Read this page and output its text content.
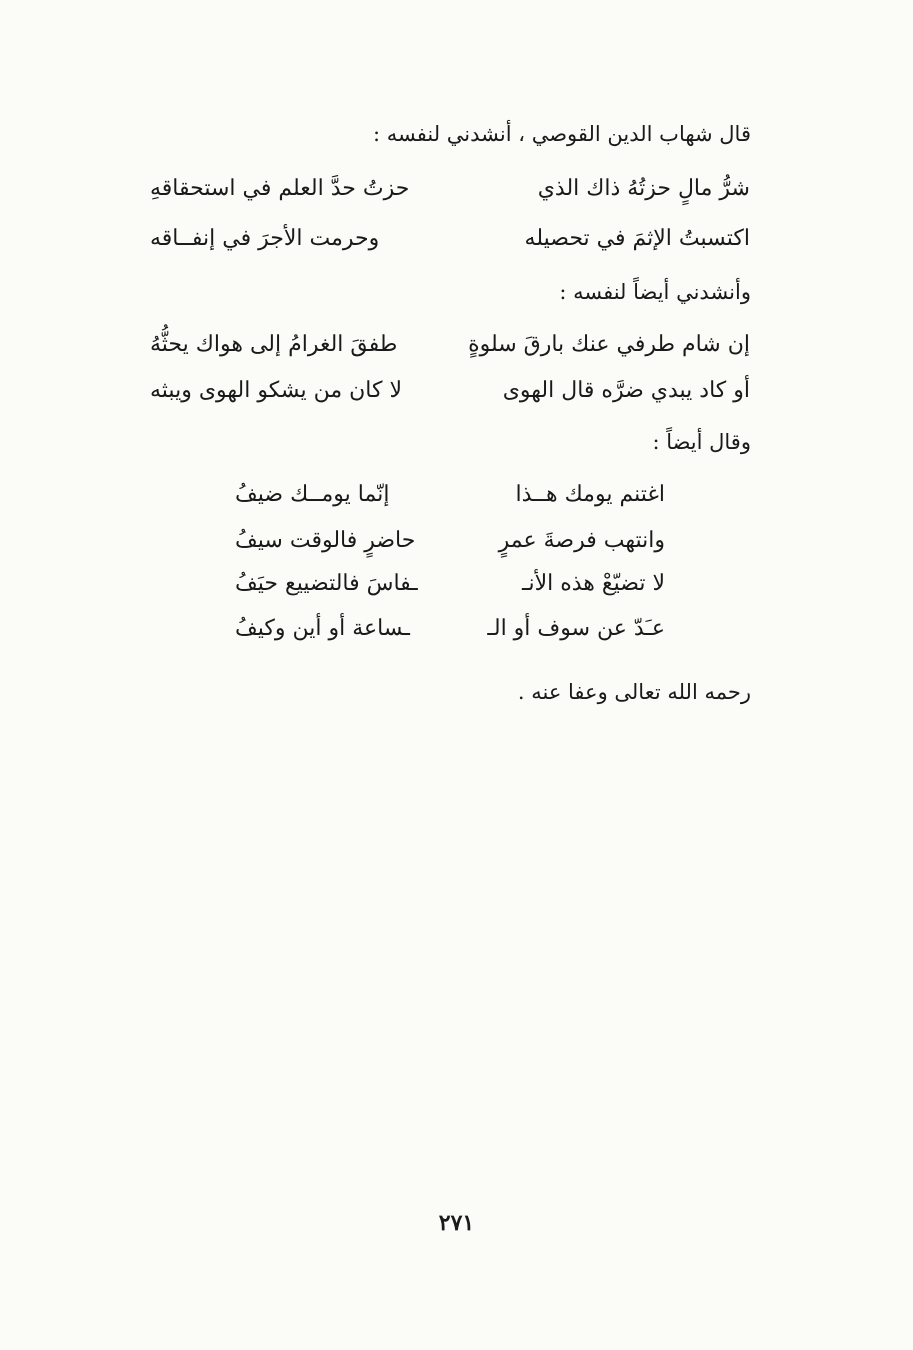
قال شهاب الدين القوصي ، أنشدني لنفسه :
شرُّ مالٍ حزتُهُ ذاك الذي
حزتُ حدَّ العلم في استحقاقهِ
اكتسبتُ الإثمَ في تحصيله
وحرمت الأجرَ في إنفــاقه
وأنشدني أيضاً لنفسه :
إن شام طرفي عنك بارقَ سلوةٍ
طفقَ الغرامُ إلى هواك يحثُّهُ
أو كاد يبدي ضرَّه قال الهوى
لا كان من يشكو الهوى ويبثه
وقال أيضاً :
اغتنم يومك هــذا
إنّما يومــك ضيفُ
وانتهب فرصةَ عمرٍ
حاضرٍ فالوقت سيفُ
لا تضيّعْ هذه الأنـ
ـفاسَ فالتضييع حيَفُ
عـَدّ عن سوف أو الـ
ـساعة أو أين وكيفُ
رحمه الله تعالى وعفا عنه .
٢٧١
